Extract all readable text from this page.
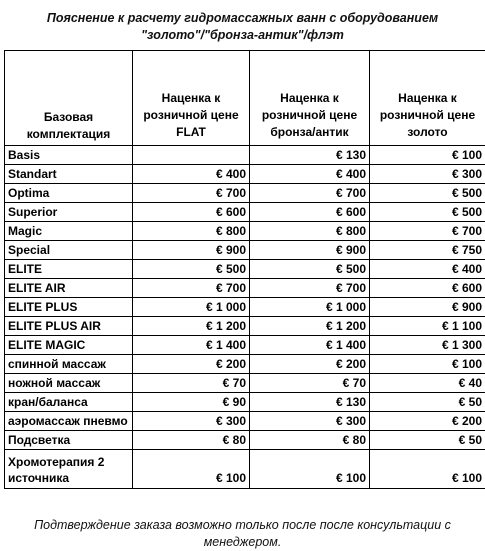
Пояснение к расчету гидромассажных ванн с оборудованием
"золото"/"бронза-антик"/флэт
Базовая комплектация	Наценка к розничной цене FLAT	Наценка к розничной цене бронза/антик	Наценка к розничной цене золото
Basis		€ 130	€ 100
Standart	€ 400	€ 400	€ 300
Optima	€ 700	€ 700	€ 500
Superior	€ 600	€ 600	€ 500
Magic	€ 800	€ 800	€ 700
Special	€ 900	€ 900	€ 750
ELITE	€ 500	€ 500	€ 400
ELITE AIR	€ 700	€ 700	€ 600
ELITE PLUS	€ 1 000	€ 1 000	€ 900
ELITE PLUS AIR	€ 1 200	€ 1 200	€ 1 100
ELITE MAGIC	€ 1 400	€ 1 400	€ 1 300
спинной массаж	€ 200	€ 200	€ 100
ножной массаж	€ 70	€ 70	€ 40
кран/баланса	€ 90	€ 130	€ 50
аэромассаж пневмо	€ 300	€ 300	€ 200
Подсветка	€ 80	€ 80	€ 50
Хромотерапия 2 источника	€ 100	€ 100	€ 100
Подтверждение заказа возможно только после после консультации с
менеджером.
